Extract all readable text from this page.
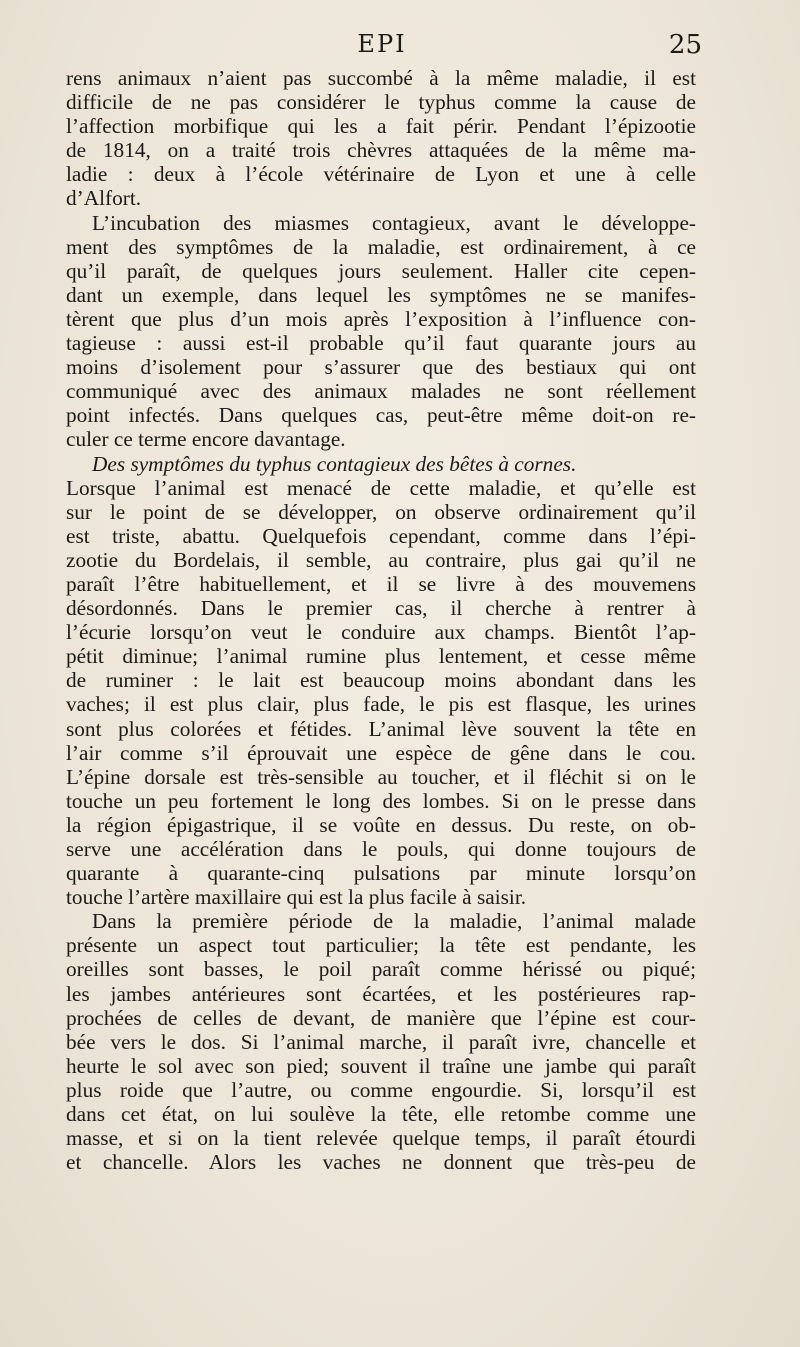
EPI	25
rens animaux n’aient pas succombé à la même maladie, il est
difficile de ne pas considérer le typhus comme la cause de
l’affection morbifique qui les a fait périr. Pendant l’épizootie
de 1814, on a traité trois chèvres attaquées de la même ma-
ladie : deux à l’école vétérinaire de Lyon et une à celle
d’Alfort.
L’incubation des miasmes contagieux, avant le développe-
ment des symptômes de la maladie, est ordinairement, à ce
qu’il paraît, de quelques jours seulement. Haller cite cepen-
dant un exemple, dans lequel les symptômes ne se manifes-
tèrent que plus d’un mois après l’exposition à l’influence con-
tagieuse : aussi est-il probable qu’il faut quarante jours au
moins d’isolement pour s’assurer que des bestiaux qui ont
communiqué avec des animaux malades ne sont réellement
point infectés. Dans quelques cas, peut-être même doit-on re-
culer ce terme encore davantage.
Des symptômes du typhus contagieux des bêtes à cornes.
Lorsque l’animal est menacé de cette maladie, et qu’elle est
sur le point de se développer, on observe ordinairement qu’il
est triste, abattu. Quelquefois cependant, comme dans l’épi-
zootie du Bordelais, il semble, au contraire, plus gai qu’il ne
paraît l’être habituellement, et il se livre à des mouvemens
désordonnés. Dans le premier cas, il cherche à rentrer à
l’écurie lorsqu’on veut le conduire aux champs. Bientôt l’ap-
pétit diminue; l’animal rumine plus lentement, et cesse même
de ruminer : le lait est beaucoup moins abondant dans les
vaches; il est plus clair, plus fade, le pis est flasque, les urines
sont plus colorées et fétides. L’animal lève souvent la tête en
l’air comme s’il éprouvait une espèce de gêne dans le cou.
L’épine dorsale est très-sensible au toucher, et il fléchit si on le
touche un peu fortement le long des lombes. Si on le presse dans
la région épigastrique, il se voûte en dessus. Du reste, on ob-
serve une accélération dans le pouls, qui donne toujours de
quarante à quarante-cinq pulsations par minute lorsqu’on
touche l’artère maxillaire qui est la plus facile à saisir.
Dans la première période de la maladie, l’animal malade
présente un aspect tout particulier; la tête est pendante, les
oreilles sont basses, le poil paraît comme hérissé ou piqué;
les jambes antérieures sont écartées, et les postérieures rap-
prochées de celles de devant, de manière que l’épine est cour-
bée vers le dos. Si l’animal marche, il paraît ivre, chancelle et
heurte le sol avec son pied; souvent il traîne une jambe qui paraît
plus roide que l’autre, ou comme engourdie. Si, lorsqu’il est
dans cet état, on lui soulève la tête, elle retombe comme une
masse, et si on la tient relevée quelque temps, il paraît étourdi
et chancelle. Alors les vaches ne donnent que très-peu de
